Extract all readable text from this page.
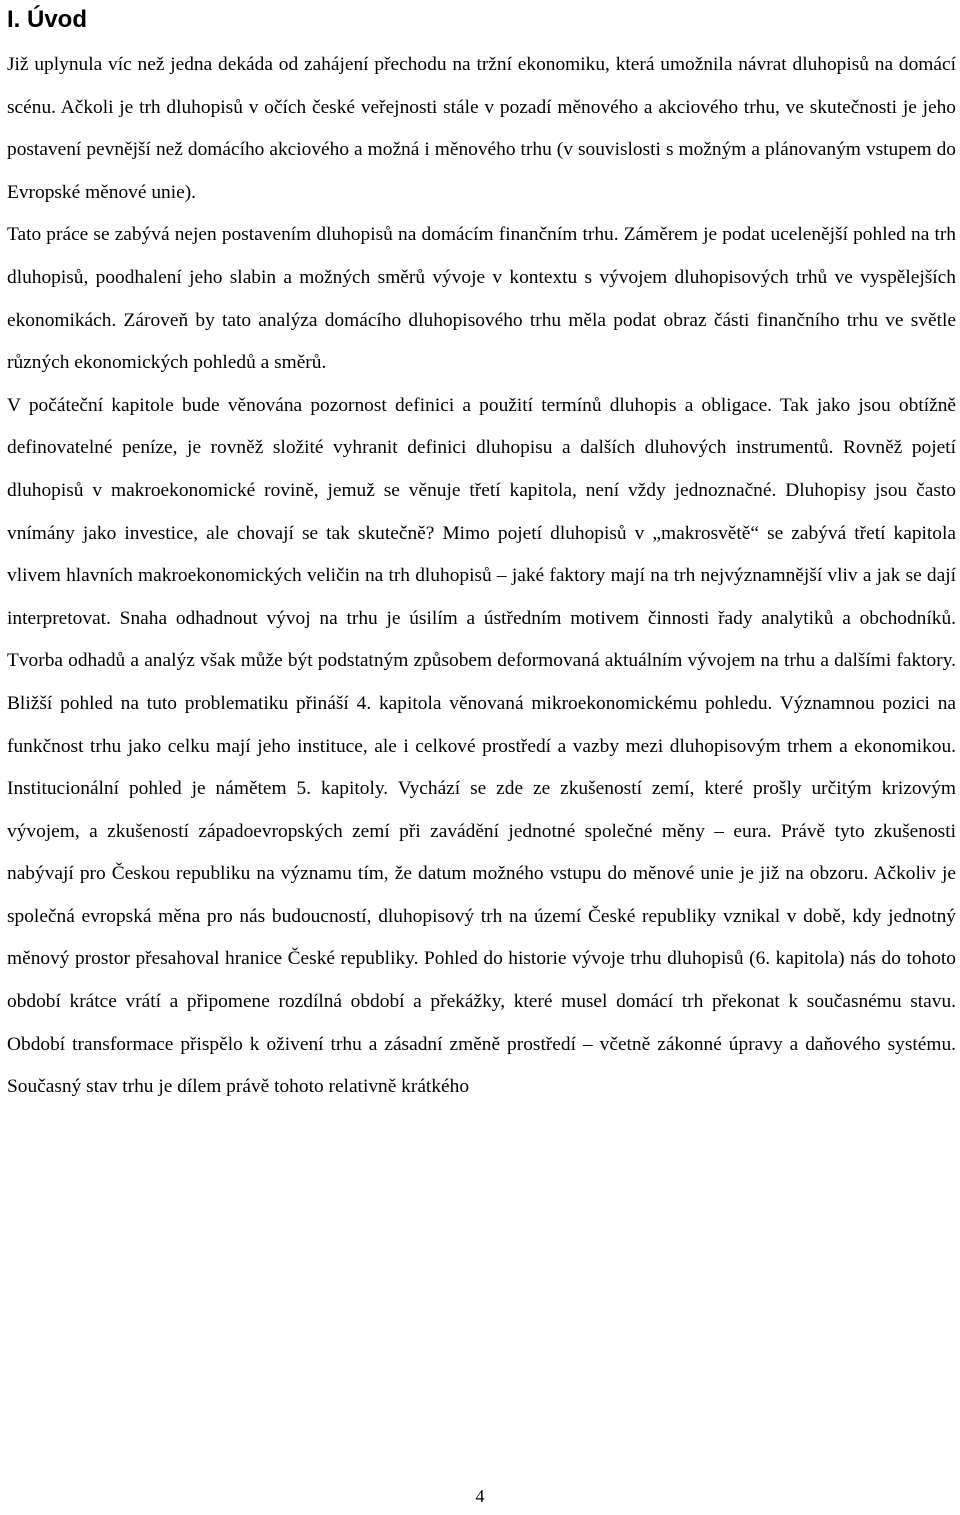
I. Úvod

Již uplynula víc než jedna dekáda od zahájení přechodu na tržní ekonomiku, která umožnila návrat dluhopisů na domácí scénu. Ačkoli je trh dluhopisů v očích české veřejnosti stále v pozadí měnového a akciového trhu, ve skutečnosti je jeho postavení pevnější než domácího akciového a možná i měnového trhu (v souvislosti s možným a plánovaným vstupem do Evropské měnové unie).

Tato práce se zabývá nejen postavením dluhopisů na domácím finančním trhu. Záměrem je podat ucelenější pohled na trh dluhopisů, poodhalení jeho slabin a možných směrů vývoje v kontextu s vývojem dluhopisových trhů ve vyspělejších ekonomikách. Zároveň by tato analýza domácího dluhopisového trhu měla podat obraz části finančního trhu ve světle různých ekonomických pohledů a směrů.

V počáteční kapitole bude věnována pozornost definici a použití termínů dluhopis a obligace. Tak jako jsou obtížně definovatelné peníze, je rovněž složité vyhranit definici dluhopisu a dalších dluhových instrumentů. Rovněž pojetí dluhopisů v makroekonomické rovině, jemuž se věnuje třetí kapitola, není vždy jednoznačné. Dluhopisy jsou často vnímány jako investice, ale chovají se tak skutečně? Mimo pojetí dluhopisů v „makrosvětě“ se zabývá třetí kapitola vlivem hlavních makroekonomických veličin na trh dluhopisů – jaké faktory mají na trh nejvýznamnější vliv a jak se dají interpretovat. Snaha odhadnout vývoj na trhu je úsilím a ústředním motivem činnosti řady analytiků a obchodníků. Tvorba odhadů a analýz však může být podstatným způsobem deformovaná aktuálním vývojem na trhu a dalšími faktory. Bližší pohled na tuto problematiku přináší 4. kapitola věnovaná mikroekonomickému pohledu. Významnou pozici na funkčnost trhu jako celku mají jeho instituce, ale i celkové prostředí a vazby mezi dluhopisovým trhem a ekonomikou. Institucionální pohled je námětem 5. kapitoly. Vychází se zde ze zkušeností zemí, které prošly určitým krizovým vývojem, a zkušeností západoevropských zemí při zavádění jednotné společné měny – eura. Právě tyto zkušenosti nabývají pro Českou republiku na významu tím, že datum možného vstupu do měnové unie je již na obzoru. Ačkoliv je společná evropská měna pro nás budoucností, dluhopisový trh na území České republiky vznikal v době, kdy jednotný měnový prostor přesahoval hranice České republiky. Pohled do historie vývoje trhu dluhopisů (6. kapitola) nás do tohoto období krátce vrátí a připomene rozdílná období a překážky, které musel domácí trh překonat k současnému stavu. Období transformace přispělo k oživení trhu a zásadní změně prostředí – včetně zákonné úpravy a daňového systému. Současný stav trhu je dílem právě tohoto relativně krátkého

4
